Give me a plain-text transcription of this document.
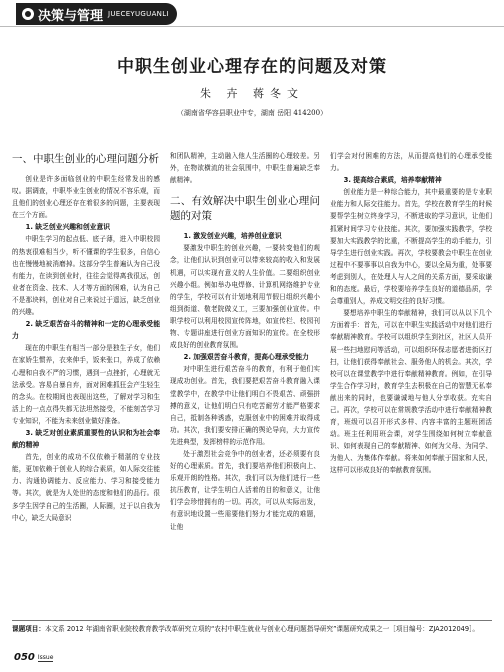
决策与管理 JUECEYUGUANLI
中职生创业心理存在的问题及对策
朱 卉 蒋冬文
（湖南省华容县职业中专，湖南 岳阳 414200）
一、中职生创业的心理问题分析

创业是许多面临创业的中职生经常发出的感叹。据调查，中职毕业生创业的情况不容乐观，而且他们的创业心理还存在着很多的问题，主要表现在三个方面。

1. 缺乏创业兴趣和创业意识

中职生学习的起点低、底子薄，进入中职校园的热衷很难相当少，听不懂课的学生很多，自信心也在慢慢地被消磨掉。这部分学生普遍认为自己没有能力，在读到创业时，往往会觉得离我很远，创业者在资金、技术、人才等方面的困难，认为自己不是那块料，创业对自己来说过于遥远，缺乏创业的兴趣。

2. 缺乏艰苦奋斗的精神和一定的心理承受能力

现在的中职生有相当一部分是独生子女，他们在家娇生惯养，衣来伸手，饭来张口，养成了依赖心理和自我不严的习惯，遇到一点挫折，心理就无法承受。容易自暴自弃，面对困难抓狂会产生轻生的念头。在校期间也表现出这些，了解对学习和生活上的一点点得失都无法坦然接受，不能刻苦学习专业知识，不能为未来创业做好准备。

3. 缺乏对创业素质重要性的认识和为社会奉献的精神

首先，创业的成功不仅依赖于精湛的专业技能，更加依赖于创业人的综合素质，如人际交往能力、沟通协调能力、反应能力、学习和接受能力等。其次，就是为人处世的态度和他们的品行。很多学生因学自己的生活圈，人际圈，过于以自我为中心，缺乏大局意识

和团队精神，主动融入他人生活圈的心理较差。另外，在物欲横流的社会氛围中，中职生普遍缺乏奉献精神。

二、有效解决中职生创业心理问题的对策
1. 激发创业兴趣，培养创业意识

要激发中职生的创业兴趣，一要转变他们的观念，让他们认识到创业可以带来较高的收入和发展机遇，可以实现有意义的人生价值。二要组织创业兴趣小组。例如举办电焊修、计算机网络维护专业的学生，学校可以有计划地利用节假日组织兴趣小组到街道、敬老院做义工，三要加强创业宣传。中职学校可以利用校园宣传阵地，如宣传栏、校园刊物、专题讲座进行创业方面知识的宣传。在全校形成良好的创业教育氛围。

2. 加强艰苦奋斗教育，提高心理承受能力

对中职生进行艰苦奋斗的教育，有利于他们实现成功创业。首先，我们要把艰苦奋斗教育融入课堂教学中，在教学中让他们明白不畏艰苦、顽强拼搏的意义，让他们明白只有吃苦耐劳才能严格要求自己，抵制各种诱惑，克服创业中的困难并取得成功。其次，我们要安排正确的舆论导向，大力宣传先进典型，发挥榜样的示范作用。

处于激烈社会竞争中的创业者，还必须要有良好的心理素质。首先，我们要培养他们积极向上、乐观开朗的性格。其次，我们可以为他们进行一些抗压教育，让学生明白人活着的目的和意义，让他们学会珍惜拥有的一切。再次，可以从实际出发，有意识地设置一些需要他们努力才能完成的难题，让他

们学会对付困难的方法，从而提高他们的心理承受能力。

3. 提高综合素质，培养奉献精神

创业能力是一种综合能力，其中最重要的是专业职业能力和人际交往能力。首先，学校在教育学生的时候要帮学生树立终身学习，不断进取的学习意识，让他们抓紧时间学习专业技能。其次，要加强实践教学，学校要加大实践教学的比重，不断提高学生的动手能力，引导学生进行创业实践。再次，学校要教会中职生在创业过程中不要事事以自我为中心，要以全局为重，处事要考虑到别人，在处理人与人之间的关系方面，要采取谦和的态度。最后，学校要培养学生良好的道德品质，学会尊重别人，养成文明交往的良好习惯。

要想培养中职生的奉献精神，我们可以从以下几个方面着手：首先，可以在中职生实践活动中对他们进行奉献精神教育。学校可以组织学生到社区，社区人员开展一些扫地慰问等活动，可以组织环保志愿者进街区打扫，让他们获得奉献社会、服务他人的机会。其次，学校可以在课堂教学中进行奉献精神教育。例如，在引导学生合作学习时，教育学生去积极在自己的智慧无私奉献出来的同时，也要谦诚地与他人分享收获。充实自己。再次，学校可以在常规教学活动中进行奉献精神教育，班级可以召开形式多样、内容丰富的主题班团活动。班主任利用班会课，对学生围绕如何树立奉献意识、如何表现自己的奉献精神、如何为父母、为同学、为他人、为集体作奉献。将来如何奉献于国家和人民，这样可以形成良好的奉献教育氛围。

课题项目：本文系 2012 年湖南省职业院校教育教学改革研究立项的“农村中职生就业与创业心理问题指导研究”课题研究成果之一［项目编号：ZJA2012049］。
050 Issue
